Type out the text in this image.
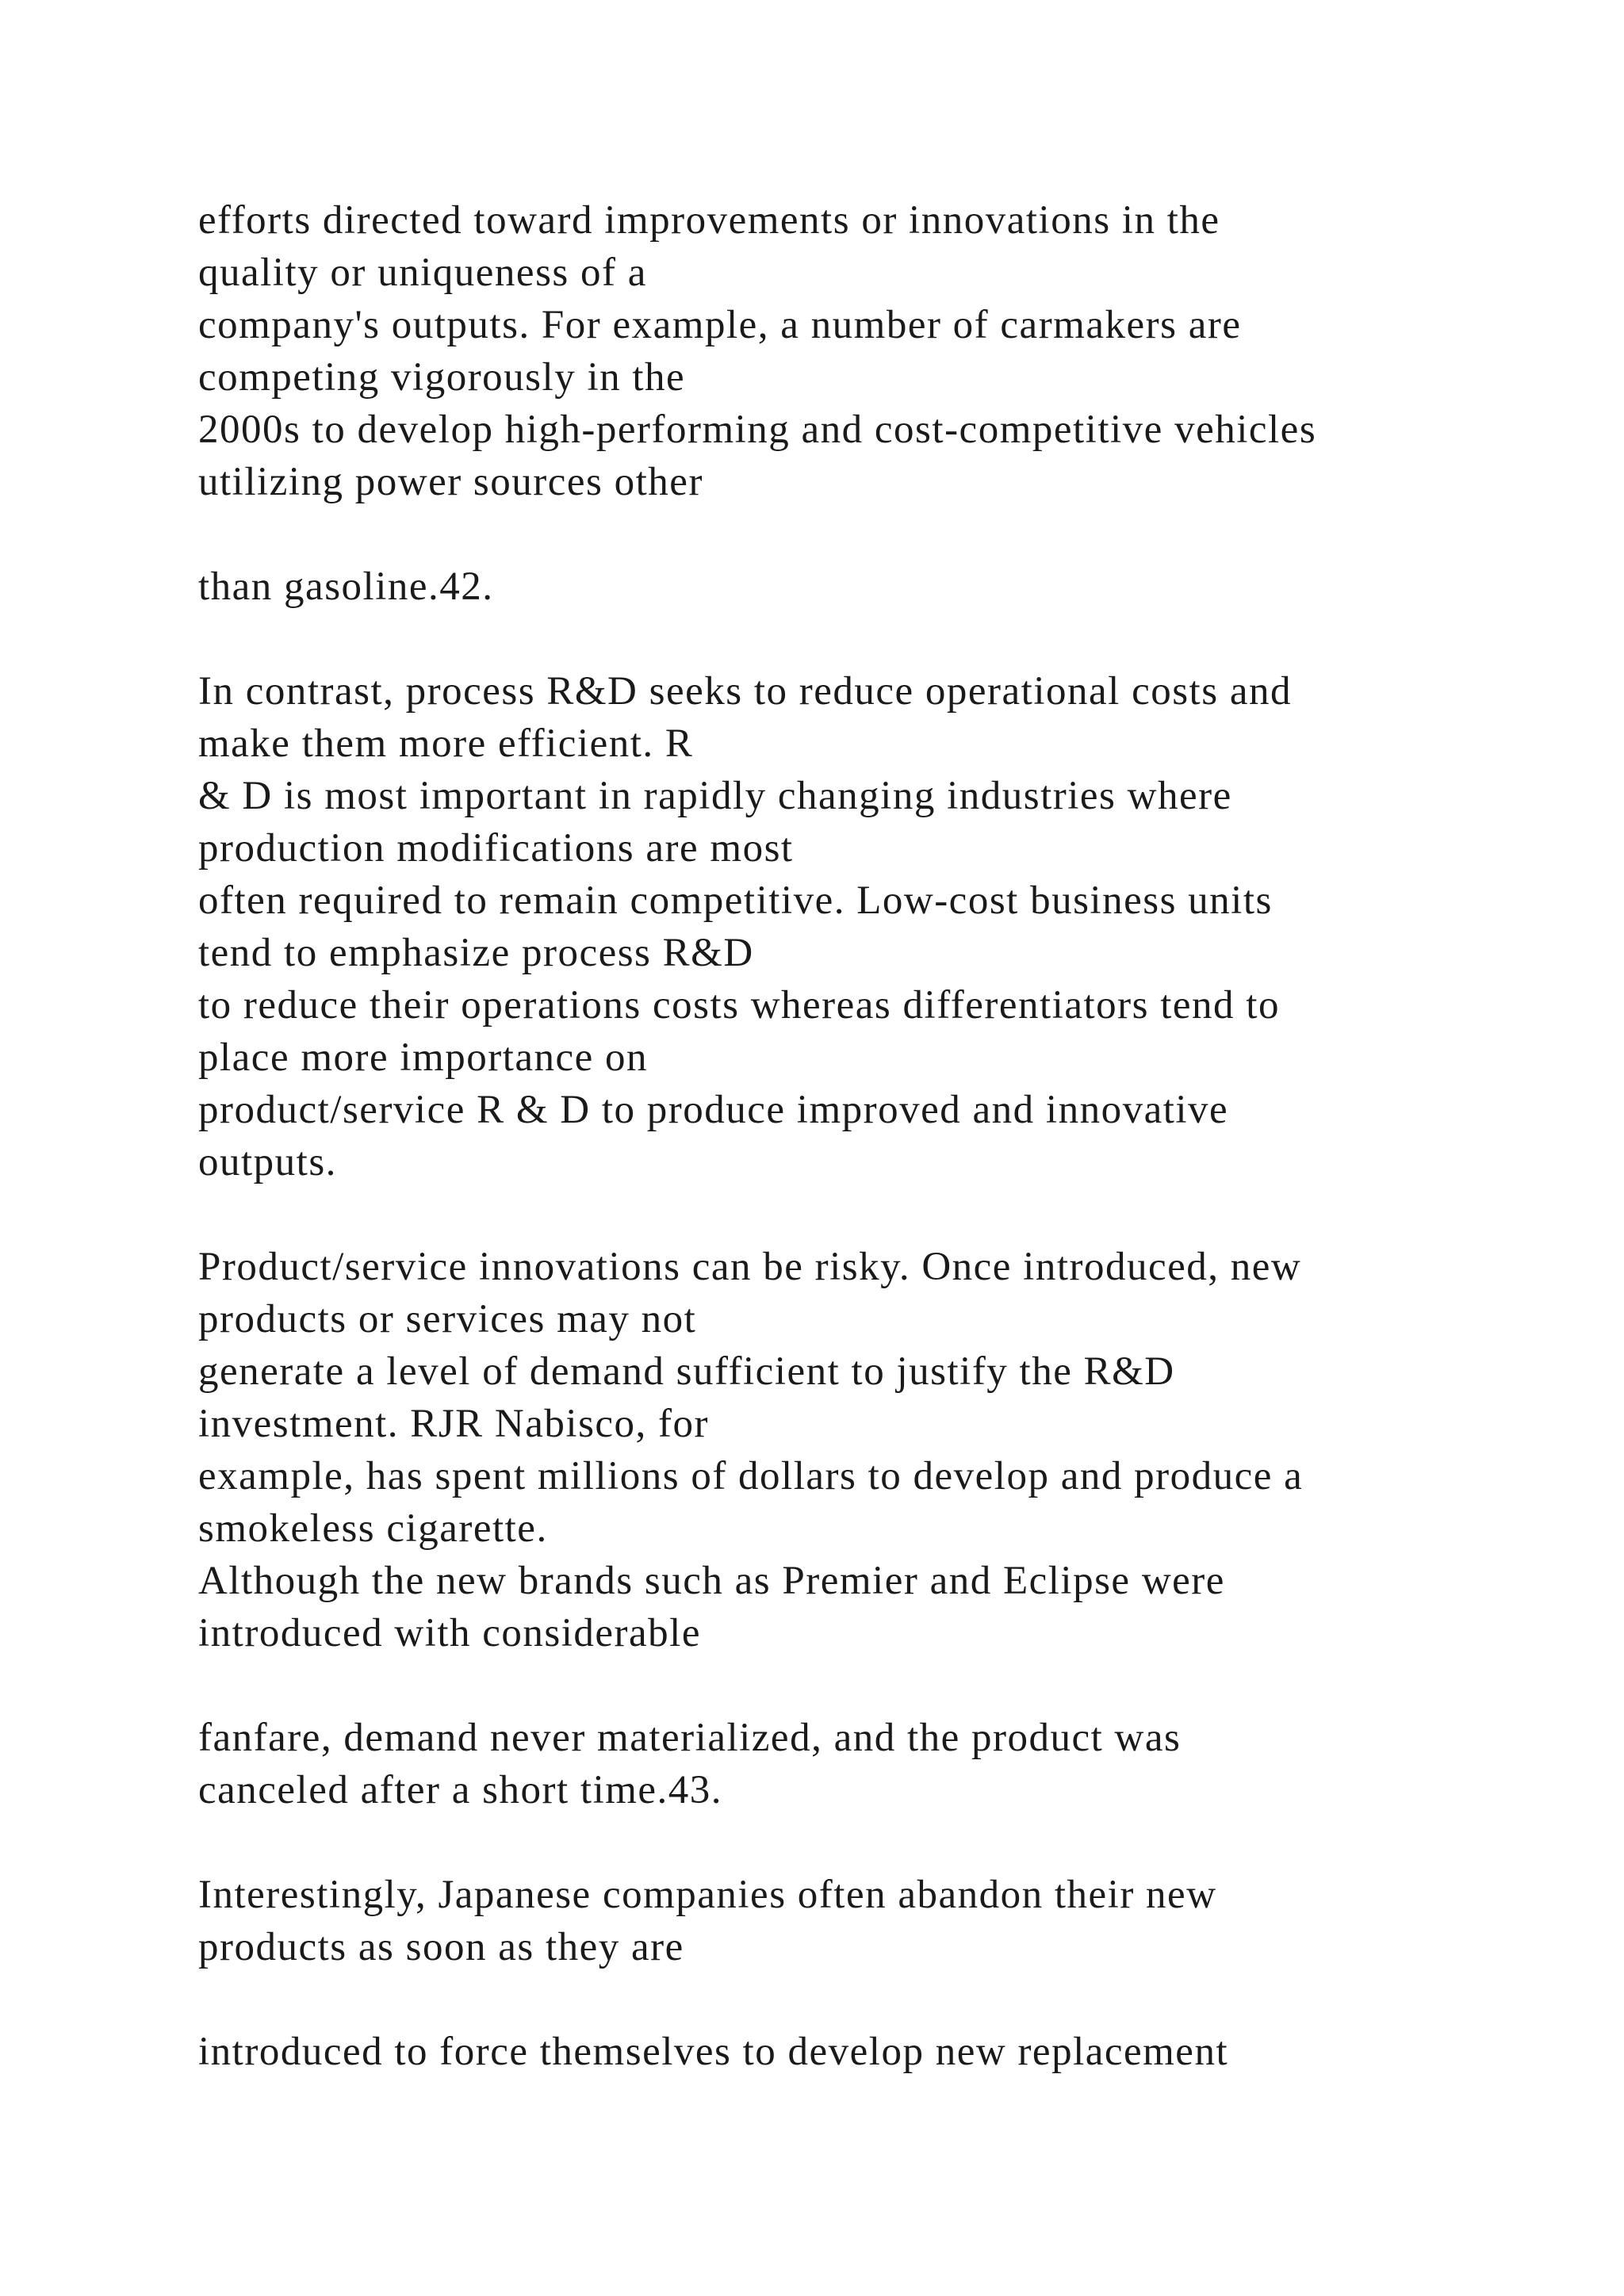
efforts directed toward improvements or innovations in the
quality or uniqueness of a
company's outputs. For example, a number of carmakers are
competing vigorously in the
2000s to develop high-performing and cost-competitive vehicles
utilizing power sources other
than gasoline.42.
In contrast, process R&D seeks to reduce operational costs and
make them more efficient. R
& D is most important in rapidly changing industries where
production modifications are most
often required to remain competitive. Low-cost business units
tend to emphasize process R&D
to reduce their operations costs whereas differentiators tend to
place more importance on
product/service R & D to produce improved and innovative
outputs.
Product/service innovations can be risky. Once introduced, new
products or services may not
generate a level of demand sufficient to justify the R&D
investment. RJR Nabisco, for
example, has spent millions of dollars to develop and produce a
smokeless cigarette.
Although the new brands such as Premier and Eclipse were
introduced with considerable
fanfare, demand never materialized, and the product was
canceled after a short time.43.
Interestingly, Japanese companies often abandon their new
products as soon as they are
introduced to force themselves to develop new replacement
